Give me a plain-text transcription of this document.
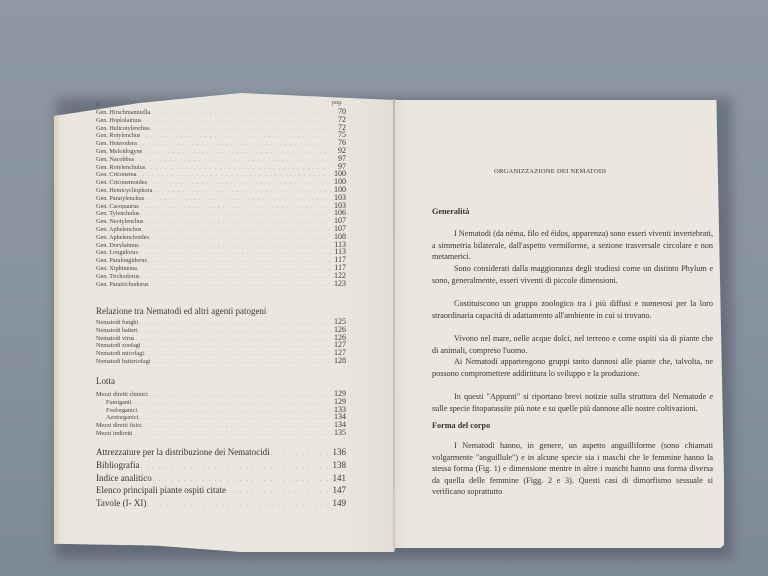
8	pag.
Gen. Hirschmanniella . . .	70
Gen. Hoplolaimus . . .	72
Gen. Helicotylenchus . . .	72
Gen. Rotylenchus . . .	75
Gen. Heterodera . . .	76
Gen. Meloidogyne . . .	92
Gen. Nacobbus . . .	97
Gen. Rotylenchulus . . .	97
Gen. Criconema . . .	100
Gen. Criconemoides . . .	100
Gen. Hemicycliophora . . .	100
Gen. Paratylenchus . . .	103
Gen. Cacopaurus . . .	103
Gen. Tylenchulus . . .	106
Gen. Neotylenchus . . .	107
Gen. Aphelenchus . . .	107
Gen. Aphelenchoides . . .	108
Gen. Dorylaimus . . .	113
Gen. Longidorus . . .	113
Gen. Paralongidorus . . .	117
Gen. Xiphinema . . .	117
Gen. Trichodorus . . .	122
Gen. Paratrichodorus . . .	123
Relazione tra Nematodi ed altri agenti patogeni
Nematodi funghi . . .	125
Nematodi batteri . . .	126
Nematodi virus . . .	126
Nematodi zoofagi . . .	127
Nematodi micofagi . . .	127
Nematodi batteriofagi . . .	128
Lotta
Mezzi diretti chimici . . .	129
Fumiganti . . .	129
Fosforganici . . .	133
Azotorganici. . . .	134
Mezzi diretti fisici . . .	134
Mezzi indiretti . . .	135
Attrezzature per la distribuzione dei Nematocidi . . .	136
Bibliografia . . .	138
Indice analitico . . .	141
Elenco principali piante ospiti citate . . .	147
Tavole (I- XI) . . .	149
ORGANIZZAZIONE DEI NEMATODI
Generalità
I Nematodi (da néma, filo ed éidos, apparenza) sono esseri viventi invertebrati, a simmetria bilaterale, dall'aspetto vermiforme, a sezione trasversale circolare e non metamerici.
Sono considerati dalla maggioranza degli studiosi come un distinto Phylum e sono, generalmente, esseri viventi di piccole dimensioni.
Costituiscono un gruppo zoologico tra i più diffusi e numerosi per la loro straordinaria capacità di adattamento all'ambiente in cui si trovano.
Vivono nel mare, nelle acque dolci, nel terreno e come ospiti sia di piante che di animali, compreso l'uomo.
Ai Nematodi appartengono gruppi tanto dannosi alle piante che, talvolta, ne possono compromettere addirittura lo sviluppo e la produzione.
In questi "Appunti" si riportano brevi notizie sulla struttura del Nematode e sulle specie fitoparassite più note e su quelle più dannose alle nostre coltivazioni.
Forma del corpo
I Nematodi hanno, in genere, un aspetto anguilliforme (sono chiamati volgarmente "anguillule") e in alcune specie sia i maschi che le femmine hanno la stessa forma (Fig. 1) e dimensione mentre in altre i maschi hanno una forma diversa da quella delle femmine (Figg. 2 e 3). Questi casi di dimorfismo sessuale si verificano soprattutto
